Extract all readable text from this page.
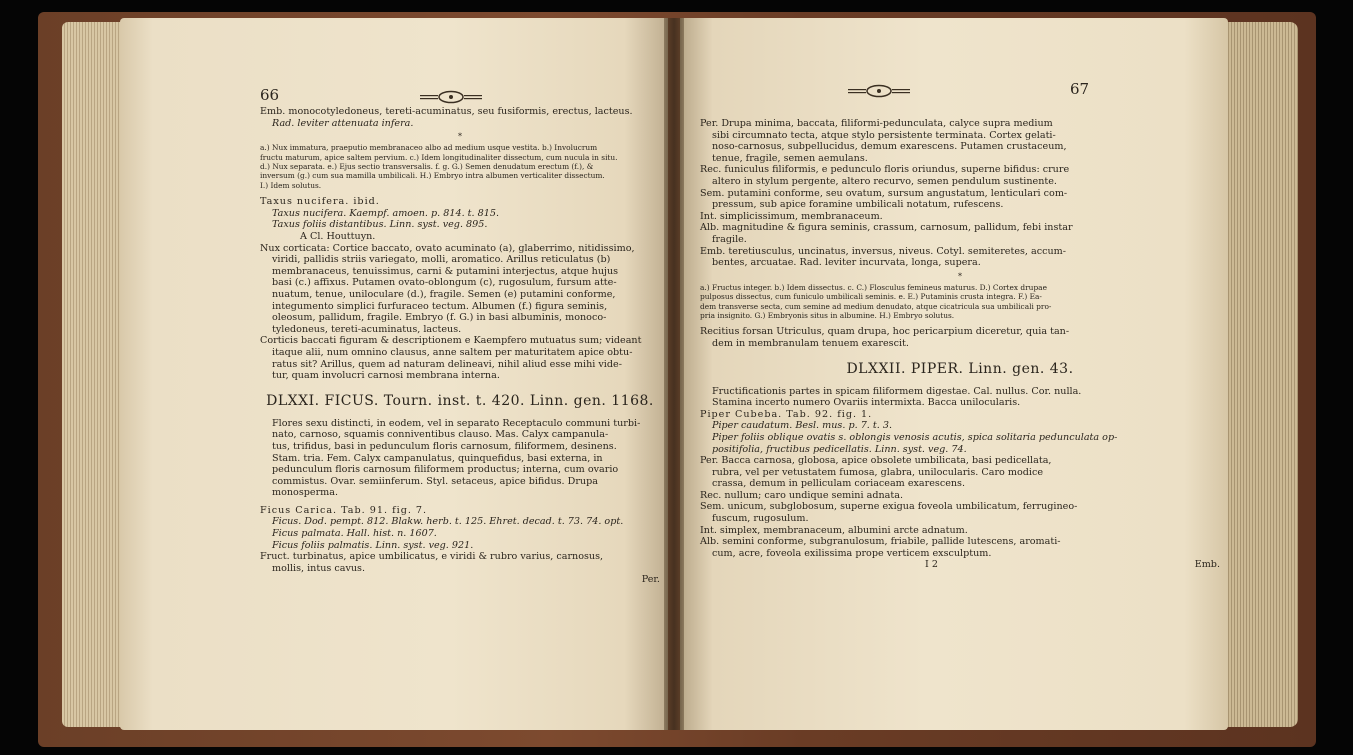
66

Emb. monocotyledoneus, tereti-acuminatus, seu fusiformis, erectus, lacteus.

Rad. leviter attenuata infera.

*

a.) Nux immatura, praeputio membranaceo albo ad medium usque vestita. b.) Involucrum

fructu maturum, apice saltem pervium. c.) Idem longitudinaliter dissectum, cum nucula in situ.

d.) Nux separata. e.) Ejus sectio transversalis. f. g. G.) Semen denudatum erectum (f.), &

inversum (g.) cum sua mamilla umbilicali. H.) Embryo intra albumen verticaliter dissectum.

I.) Idem solutus.

Taxus nucifera. ibid.

Taxus nucifera. Kaempf. amoen. p. 814. t. 815.

Taxus foliis distantibus. Linn. syst. veg. 895.

A Cl. Houttuyn.

Nux corticata: Cortice baccato, ovato acuminato (a), glaberrimo, nitidissimo,

viridi, pallidis striis variegato, molli, aromatico. Arillus reticulatus (b)

membranaceus, tenuissimus, carni & putamini interjectus, atque hujus

basi (c.) affixus. Putamen ovato-oblongum (c), rugosulum, fursum atte-

nuatum, tenue, uniloculare (d.), fragile. Semen (e) putamini conforme,

integumento simplici furfuraceo tectum. Albumen (f.) figura seminis,

oleosum, pallidum, fragile. Embryo (f. G.) in basi albuminis, monoco-

tyledoneus, tereti-acuminatus, lacteus.

Corticis baccati figuram & descriptionem e Kaempfero mutuatus sum; videant

itaque alii, num omnino clausus, anne saltem per maturitatem apice obtu-

ratus sit? Arillus, quem ad naturam delineavi, nihil aliud esse mihi vide-

tur, quam involucri carnosi membrana interna.

DLXXI. FICUS. Tourn. inst. t. 420. Linn. gen. 1168.

Flores sexu distincti, in eodem, vel in separato Receptaculo communi turbi-

nato, carnoso, squamis conniventibus clauso. Mas. Calyx campanula-

tus, trifidus, basi in pedunculum floris carnosum, filiformem, desinens.

Stam. tria. Fem. Calyx campanulatus, quinquefidus, basi externa, in

pedunculum floris carnosum filiformem productus; interna, cum ovario

commistus. Ovar. semiinferum. Styl. setaceus, apice bifidus. Drupa

monosperma.

Ficus Carica. Tab. 91. fig. 7.

Ficus. Dod. pempt. 812. Blakw. herb. t. 125. Ehret. decad. t. 73. 74. opt.

Ficus palmata. Hall. hist. n. 1607.

Ficus foliis palmatis. Linn. syst. veg. 921.

Fruct. turbinatus, apice umbilicatus, e viridi & rubro varius, carnosus,

mollis, intus cavus.

Per.

67

Per. Drupa minima, baccata, filiformi-pedunculata, calyce supra medium

sibi circumnato tecta, atque stylo persistente terminata. Cortex gelati-

noso-carnosus, subpellucidus, demum exarescens. Putamen crustaceum,

tenue, fragile, semen aemulans.

Rec. funiculus filiformis, e pedunculo floris oriundus, superne bifidus: crure

altero in stylum pergente, altero recurvo, semen pendulum sustinente.

Sem. putamini conforme, seu ovatum, sursum angustatum, lenticulari com-

pressum, sub apice foramine umbilicali notatum, rufescens.

Int. simplicissimum, membranaceum.

Alb. magnitudine & figura seminis, crassum, carnosum, pallidum, febi instar

fragile.

Emb. teretiusculus, uncinatus, inversus, niveus. Cotyl. semiteretes, accum-

bentes, arcuatae. Rad. leviter incurvata, longa, supera.

*

a.) Fructus integer. b.) Idem dissectus. c. C.) Flosculus femineus maturus. D.) Cortex drupae

pulposus dissectus, cum funiculo umbilicali seminis. e. E.) Putaminis crusta integra. F.) Ea-

dem transverse secta, cum semine ad medium denudato, atque cicatricula sua umbilicali pro-

pria insignito. G.) Embryonis situs in albumine. H.) Embryo solutus.

Recitius forsan Utriculus, quam drupa, hoc pericarpium diceretur, quia tan-

dem in membranulam tenuem exarescit.

DLXXII. PIPER. Linn. gen. 43.

Fructificationis partes in spicam filiformem digestae. Cal. nullus. Cor. nulla.

Stamina incerto numero Ovariis intermixta. Bacca unilocularis.

Piper Cubeba. Tab. 92. fig. 1.

Piper caudatum. Besl. mus. p. 7. t. 3.

Piper foliis oblique ovatis s. oblongis venosis acutis, spica solitaria pedunculata op-

positifolia, fructibus pedicellatis. Linn. syst. veg. 74.

Per. Bacca carnosa, globosa, apice obsolete umbilicata, basi pedicellata,

rubra, vel per vetustatem fumosa, glabra, unilocularis. Caro modice

crassa, demum in pelliculam coriaceam exarescens.

Rec. nullum; caro undique semini adnata.

Sem. unicum, subglobosum, superne exigua foveola umbilicatum, ferrugineo-

fuscum, rugosulum.

Int. simplex, membranaceum, albumini arcte adnatum.

Alb. semini conforme, subgranulosum, friabile, pallide lutescens, aromati-

cum, acre, foveola exilissima prope verticem exsculptum.

I 2	Emb.
